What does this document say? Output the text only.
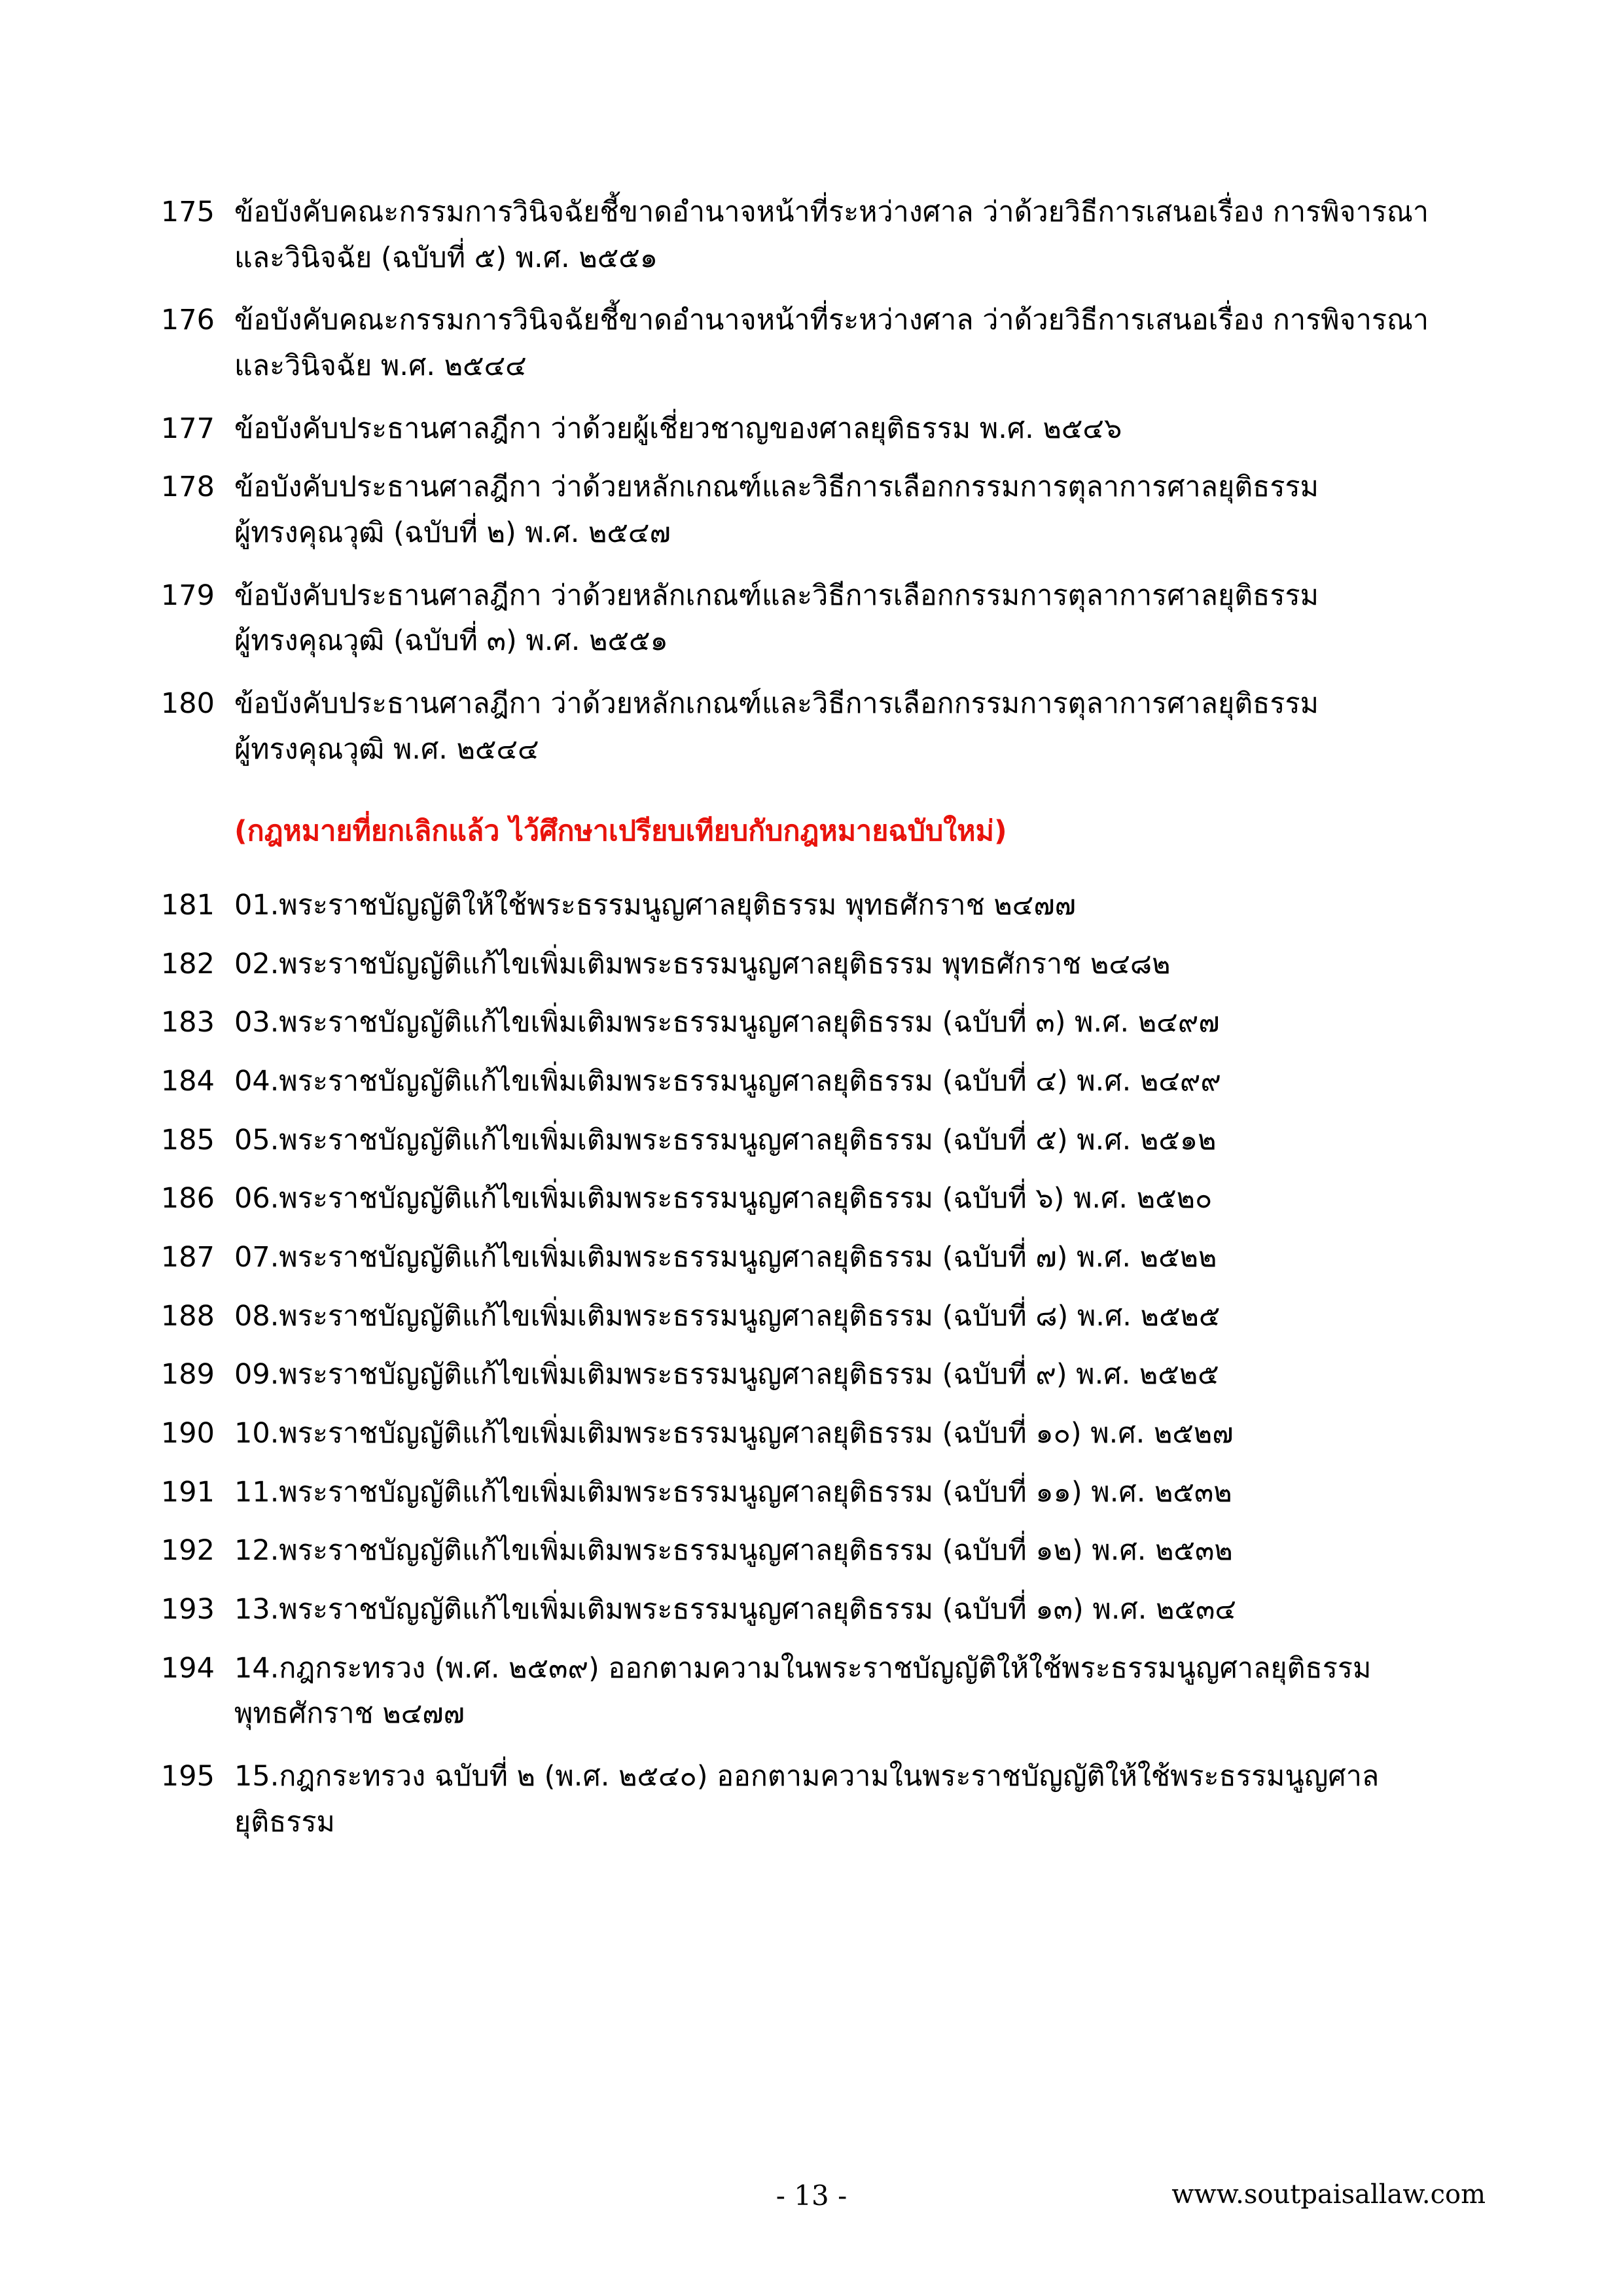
175 ข้อบังคับคณะกรรมการวินิจฉัยชี้ขาดอำนาจหน้าที่ระหว่างศาล ว่าด้วยวิธีการเสนอเรื่อง การพิจารณา
และวินิจฉัย (ฉบับที่ ๕) พ.ศ. ๒๕๕๑
176 ข้อบังคับคณะกรรมการวินิจฉัยชี้ขาดอำนาจหน้าที่ระหว่างศาล ว่าด้วยวิธีการเสนอเรื่อง การพิจารณา
และวินิจฉัย พ.ศ. ๒๕๔๔
177 ข้อบังคับประธานศาลฎีกา ว่าด้วยผู้เชี่ยวชาญของศาลยุติธรรม พ.ศ. ๒๕๔๖
178 ข้อบังคับประธานศาลฎีกา ว่าด้วยหลักเกณฑ์และวิธีการเลือกกรรมการตุลาการศาลยุติธรรม
ผู้ทรงคุณวุฒิ (ฉบับที่ ๒) พ.ศ. ๒๕๔๗
179 ข้อบังคับประธานศาลฎีกา ว่าด้วยหลักเกณฑ์และวิธีการเลือกกรรมการตุลาการศาลยุติธรรม
ผู้ทรงคุณวุฒิ (ฉบับที่ ๓) พ.ศ. ๒๕๕๑
180 ข้อบังคับประธานศาลฎีกา ว่าด้วยหลักเกณฑ์และวิธีการเลือกกรรมการตุลาการศาลยุติธรรม
ผู้ทรงคุณวุฒิ พ.ศ. ๒๕๔๔
(กฎหมายที่ยกเลิกแล้ว ไว้ศึกษาเปรียบเทียบกับกฎหมายฉบับใหม่)
181 01.พระราชบัญญัติให้ใช้พระธรรมนูญศาลยุติธรรม พุทธศักราช ๒๔๗๗
182 02.พระราชบัญญัติแก้ไขเพิ่มเติมพระธรรมนูญศาลยุติธรรม พุทธศักราช ๒๔๘๒
183 03.พระราชบัญญัติแก้ไขเพิ่มเติมพระธรรมนูญศาลยุติธรรม (ฉบับที่ ๓) พ.ศ. ๒๔๙๗
184 04.พระราชบัญญัติแก้ไขเพิ่มเติมพระธรรมนูญศาลยุติธรรม (ฉบับที่ ๔) พ.ศ. ๒๔๙๙
185 05.พระราชบัญญัติแก้ไขเพิ่มเติมพระธรรมนูญศาลยุติธรรม (ฉบับที่ ๕) พ.ศ. ๒๕๑๒
186 06.พระราชบัญญัติแก้ไขเพิ่มเติมพระธรรมนูญศาลยุติธรรม (ฉบับที่ ๖) พ.ศ. ๒๕๒๐
187 07.พระราชบัญญัติแก้ไขเพิ่มเติมพระธรรมนูญศาลยุติธรรม (ฉบับที่ ๗) พ.ศ. ๒๕๒๒
188 08.พระราชบัญญัติแก้ไขเพิ่มเติมพระธรรมนูญศาลยุติธรรม (ฉบับที่ ๘) พ.ศ. ๒๕๒๕
189 09.พระราชบัญญัติแก้ไขเพิ่มเติมพระธรรมนูญศาลยุติธรรม (ฉบับที่ ๙) พ.ศ. ๒๕๒๕
190 10.พระราชบัญญัติแก้ไขเพิ่มเติมพระธรรมนูญศาลยุติธรรม (ฉบับที่ ๑๐) พ.ศ. ๒๕๒๗
191 11.พระราชบัญญัติแก้ไขเพิ่มเติมพระธรรมนูญศาลยุติธรรม (ฉบับที่ ๑๑) พ.ศ. ๒๕๓๒
192 12.พระราชบัญญัติแก้ไขเพิ่มเติมพระธรรมนูญศาลยุติธรรม (ฉบับที่ ๑๒) พ.ศ. ๒๕๓๒
193 13.พระราชบัญญัติแก้ไขเพิ่มเติมพระธรรมนูญศาลยุติธรรม (ฉบับที่ ๑๓) พ.ศ. ๒๕๓๔
194 14.กฎกระทรวง (พ.ศ. ๒๕๓๙) ออกตามความในพระราชบัญญัติให้ใช้พระธรรมนูญศาลยุติธรรม
พุทธศักราช ๒๔๗๗
195 15.กฎกระทรวง ฉบับที่ ๒ (พ.ศ. ๒๕๔๐) ออกตามความในพระราชบัญญัติให้ใช้พระธรรมนูญศาล
ยุติธรรม
- 13 -	www.soutpaisallaw.com
